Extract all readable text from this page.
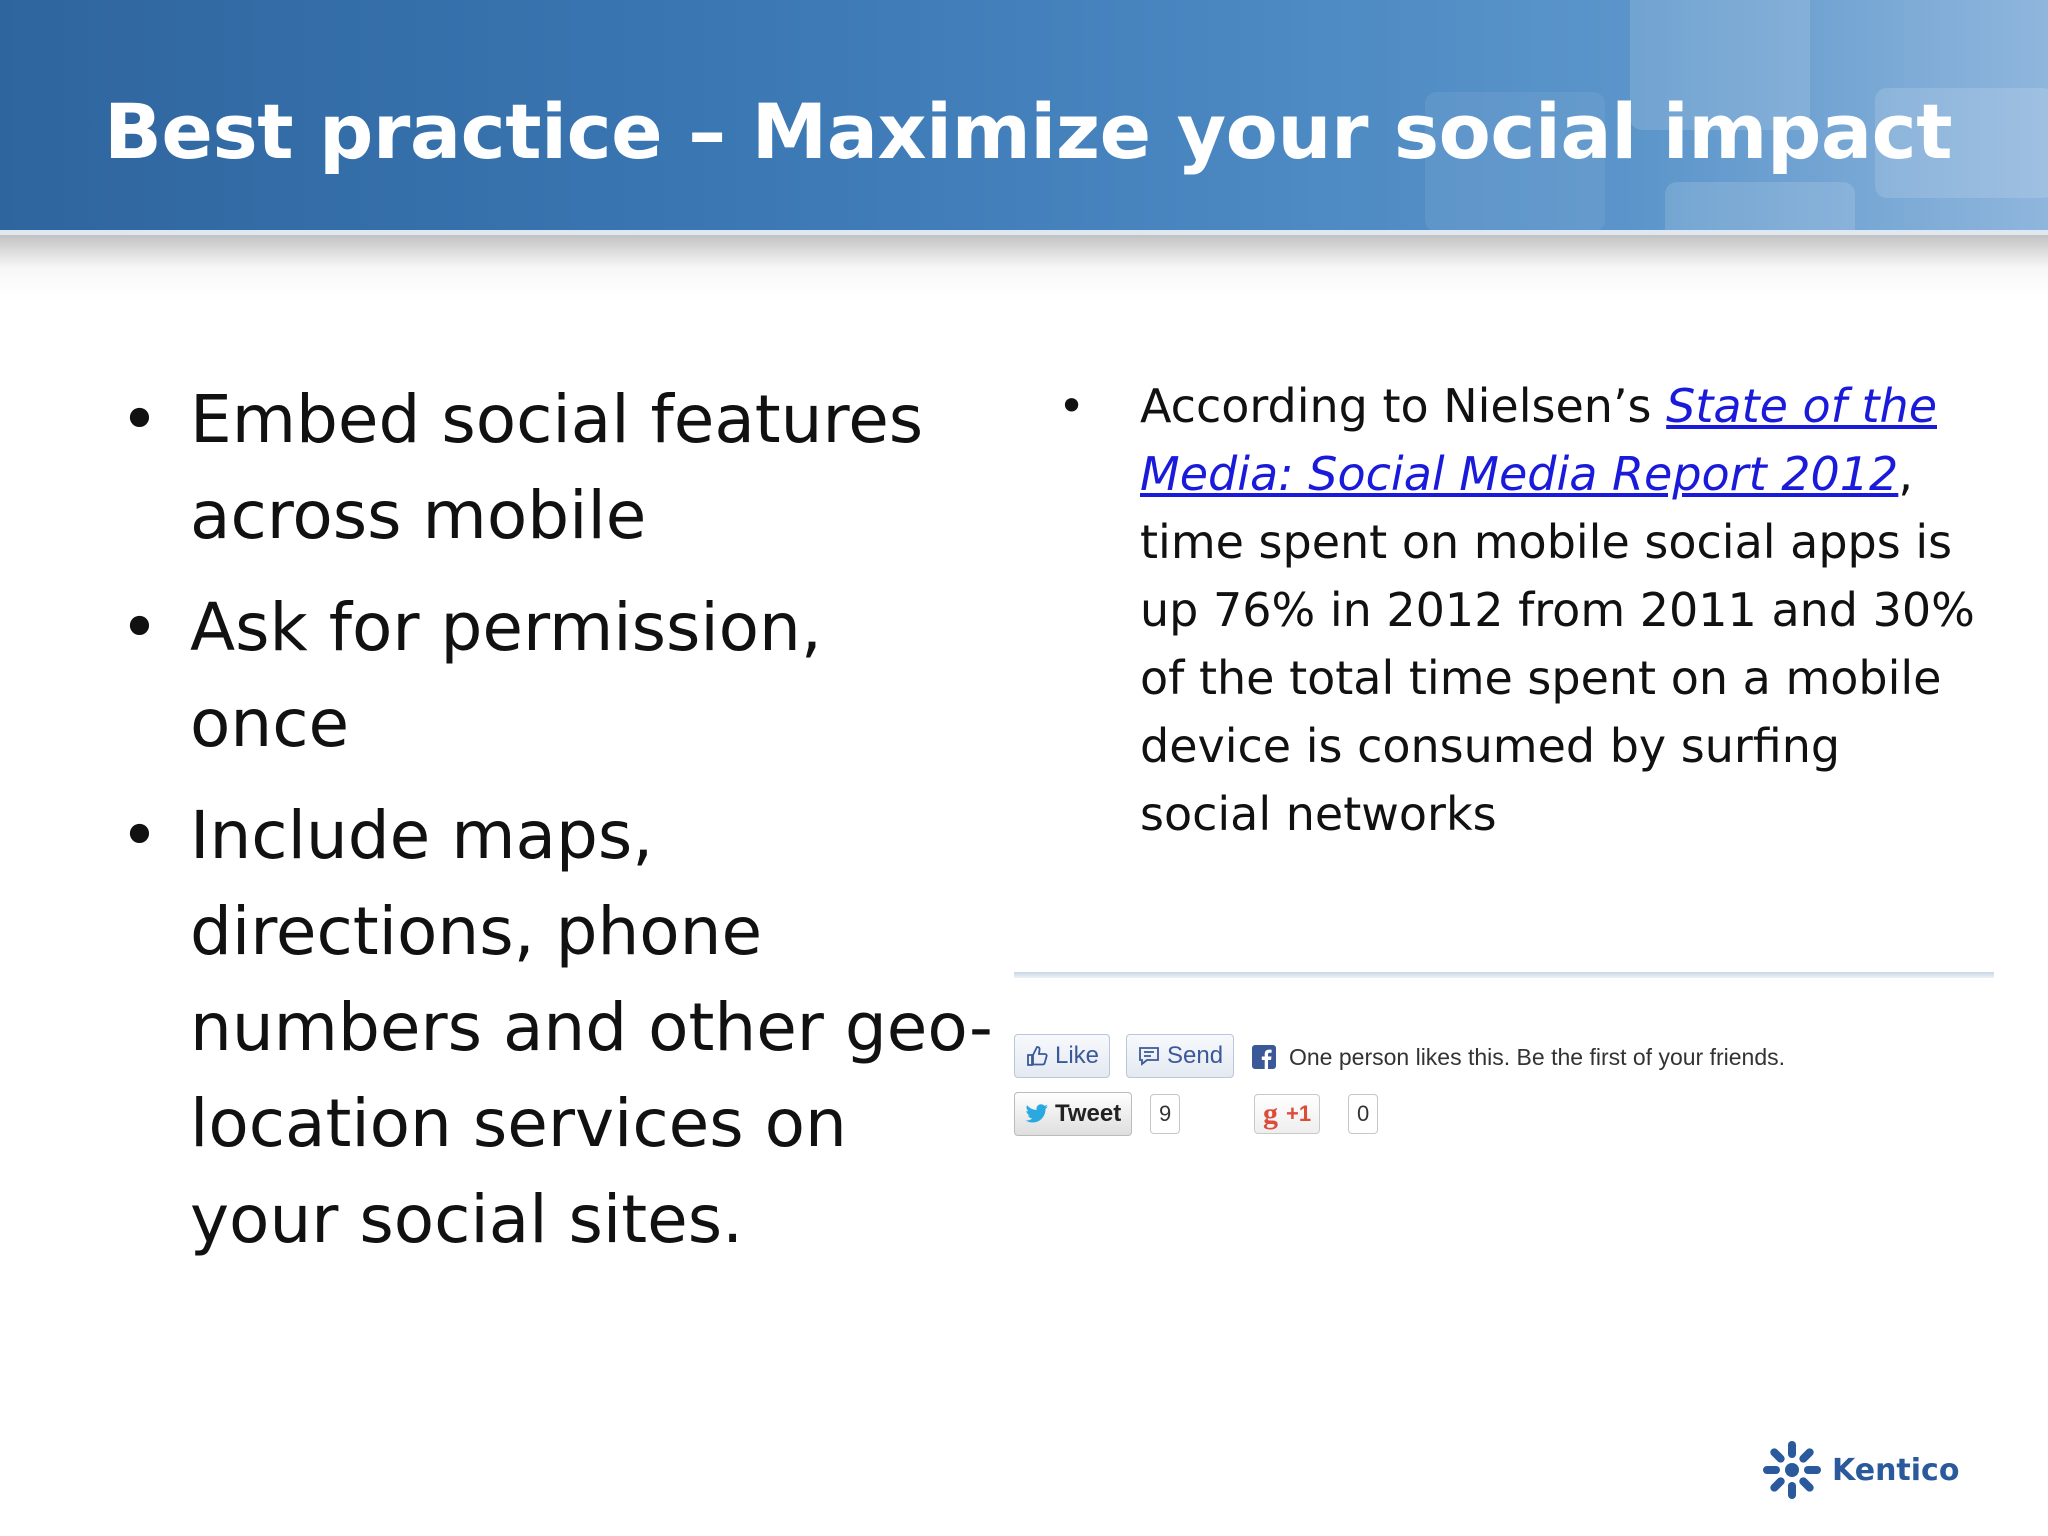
Best practice – Maximize your social impact
• Embed social features across mobile
• Ask for permission, once
• Include maps, directions, phone numbers and other geo-location services on your social sites.
• According to Nielsen’s State of the Media: Social Media Report 2012, time spent on mobile social apps is up 76% in 2012 from 2011 and 30% of the total time spent on a mobile device is consumed by surfing social networks
Like	Send	One person likes this. Be the first of your friends.
Tweet	9	g +1	0
Kentico
